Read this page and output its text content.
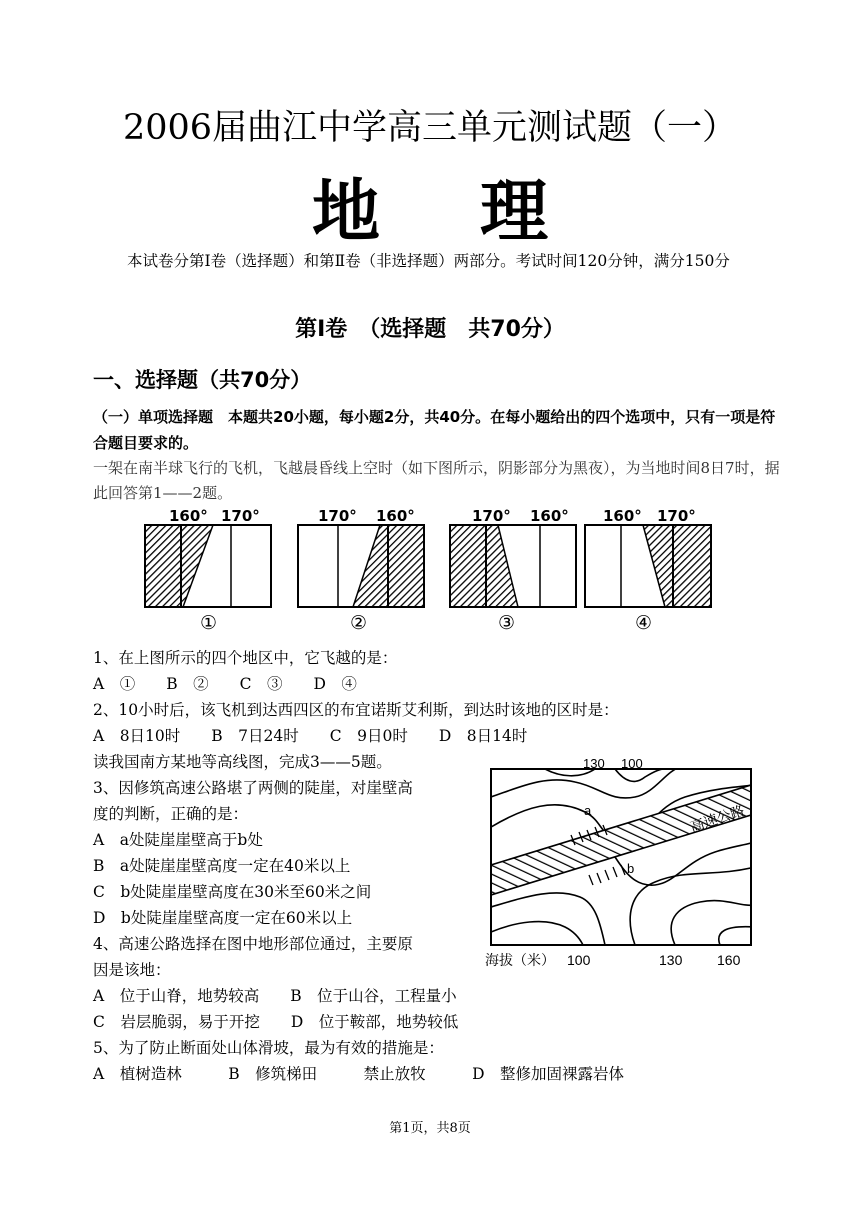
2006届曲江中学高三单元测试题（一）
地理
本试卷分第Ⅰ卷（选择题）和第Ⅱ卷（非选择题）两部分。考试时间120分钟，满分150分
第Ⅰ卷　（选择题　共70分）
一、选择题（共70分）
（一）单项选择题　本题共20小题，每小题2分，共40分。在每小题给出的四个选项中，只有一项是符合题目要求的。
一架在南半球飞行的飞机，飞越晨昏线上空时（如下图所示，阴影部分为黑夜），为当地时间8日7时，据此回答第1——2题。
160° 170°
①
170° 160°
②
170° 160°
③
160° 170°
④
1、在上图所示的四个地区中，它飞越的是：
A　①　　B　②　　C　③　　D　④
2、10小时后，该飞机到达西四区的布宜诺斯艾利斯，到达时该地的区时是：
A　8日10时　　B　7日24时　　C　9日0时　　D　8日14时
读我国南方某地等高线图，完成3——5题。
3、因修筑高速公路堪了两侧的陡崖，对崖壁高
度的判断，正确的是：
A　a处陡崖崖壁高于b处
B　a处陡崖崖壁高度一定在40米以上
C　b处陡崖崖壁高度在30米至60米之间
D　b处陡崖崖壁高度一定在60米以上
4、高速公路选择在图中地形部位通过，主要原
因是该地：
A　位于山脊，地势较高　　B　位于山谷，工程量小
C　岩层脆弱，易于开挖　　D　位于鞍部，地势较低
5、为了防止断面处山体滑坡，最为有效的措施是：
A　植树造林　　　B　修筑梯田　　　禁止放牧　　　D　整修加固裸露岩体
130 100
a
b
高速公路
海拔（米） 100	130 160
第1页，共8页
